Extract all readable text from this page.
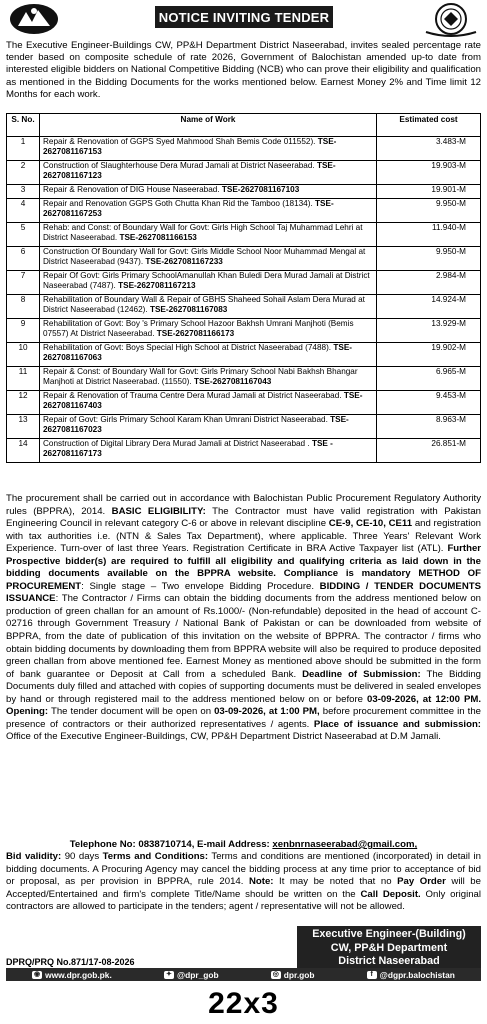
NOTICE INVITING TENDER
The Executive Engineer-Buildings CW, PP&H Department District Naseerabad, invites sealed percentage rate tender based on composite schedule of rate 2026, Government of Balochistan amended up-to date from interested eligible bidders on National Competitive Bidding (NCB) who can prove their eligibility and qualification as mentioned in the Bidding Documents for the works mentioned below. Earnest Money 2% and Time limit 12 Months for each work.
S. No.	Name of Work	Estimated cost
1	Repair & Renovation of GGPS Syed Mahmood Shah Bemis Code 011552). TSE-2627081167153	3.483-M
2	Construction of Slaughterhouse Dera Murad Jamali at District Naseerabad. TSE-2627081167123	19.903-M
3	Repair & Renovation of DIG House Naseerabad. TSE-2627081167103	19.901-M
4	Repair and Renovation GGPS Goth Chutta Khan Rid the Tamboo (18134). TSE-2627081167253	9.950-M
5	Rehab: and Const: of Boundary Wall for Govt: Girls High School Taj Muhammad Lehri at District Naseerabad. TSE-2627081166153	11.940-M
6	Construction Of Boundary Wall for Govt: Girls Middle School Noor Muhammad Mengal at District Naseerabad (9437). TSE-2627081167233	9.950-M
7	Repair Of Govt: Girls Primary SchoolAmanullah Khan Buledi Dera Murad Jamali at District Naseerabad (7487). TSE-2627081167213	2.984-M
8	Rehabilitation of Boundary Wall & Repair of GBHS Shaheed Sohail Aslam Dera Murad at District Naseerabad (12462). TSE-2627081167083	14.924-M
9	Rehabilitation of Govt: Boy 's Primary School Hazoor Bakhsh Umrani Manjhoti (Bemis 07557) At District Naseerabad. TSE-2627081166173	13.929-M
10	Rehabilitation of Govt: Boys Special High School at District Naseerabad (7488). TSE-2627081167063	19.902-M
11	Repair & Const: of Boundary Wall for Govt: Girls Primary School Nabi Bakhsh Bhangar Manjhoti at District Naseerabad. (11550). TSE-2627081167043	6.965-M
12	Repair & Renovation of Trauma Centre Dera Murad Jamali at District Naseerabad. TSE-2627081167403	9.453-M
13	Repair of Govt: Girls Primary School Karam Khan Umrani District Naseerabad. TSE-2627081167023	8.963-M
14	Construction of Digital Library Dera Murad Jamali at District Naseerabad . TSE - 2627081167173	26.851-M
The procurement shall be carried out in accordance with Balochistan Public Procurement Regulatory Authority rules (BPPRA), 2014. BASIC ELIGIBILITY: The Contractor must have valid registration with Pakistan Engineering Council in relevant category C-6 or above in relevant discipline CE-9, CE-10, CE11 and registration with tax authorities i.e. (NTN & Sales Tax Department), where applicable. Three Years' Relevant Work Experience. Turn-over of last three Years. Registration Certificate in BRA Active Taxpayer list (ATL). Further Prospective bidder(s) are required to fulfill all eligibility and qualifying criteria as laid down in the bidding documents available on the BPPRA website. Compliance is mandatory METHOD OF PROCUREMENT: Single stage – Two envelope Bidding Procedure. BIDDING / TENDER DOCUMENTS ISSUANCE: The Contractor / Firms can obtain the bidding documents from the address mentioned below on production of green challan for an amount of Rs.1000/- (Non-refundable) deposited in the head of account C-02716 through Government Treasury / National Bank of Pakistan or can be downloaded from website of BPPRA, from the date of publication of this invitation on the website of BPPRA. The contractor / firms who obtain bidding documents by downloading them from BPPRA website will also be required to produce deposited green challan from above mentioned fee. Earnest Money as mentioned above should be submitted in the form of bank guarantee or Deposit at Call from a scheduled Bank. Deadline of Submission: The Bidding Documents duly filled and attached with copies of supporting documents must be delivered in sealed envelopes by hand or through registered mail to the address mentioned below on or before 03-09-2026, at 12:00 PM. Opening: The tender document will be open on 03-09-2026, at 1:00 PM, before procurement committee in the presence of contractors or their authorized representatives / agents. Place of issuance and submission: Office of the Executive Engineer-Buildings, CW, PP&H Department District Naseerabad at D.M Jamali.
Telephone No: 0838710714, E-mail Address: xenbnrnaseerabad@gmail.com,
Bid validity: 90 days Terms and Conditions: Terms and conditions are mentioned (incorporated) in detail in bidding documents. A Procuring Agency may cancel the bidding process at any time prior to acceptance of bid or proposal, as per provision in BPPRA, rule 2014. Note: It may be noted that no Pay Order will be Accepted/Entertained and firm's complete Title/Name should be written on the Call Deposit. Only original contractors are allowed to participate in the tenders; agent / representative will not be allowed.
Executive Engineer-(Building)
CW, PP&H Department
District Naseerabad
DPRQ/PRQ No.871/17-08-2026
◉ www.dpr.gob.pk.	✦ @dpr_gob	◎ dpr.gob	f @dgpr.balochistan
22x3
